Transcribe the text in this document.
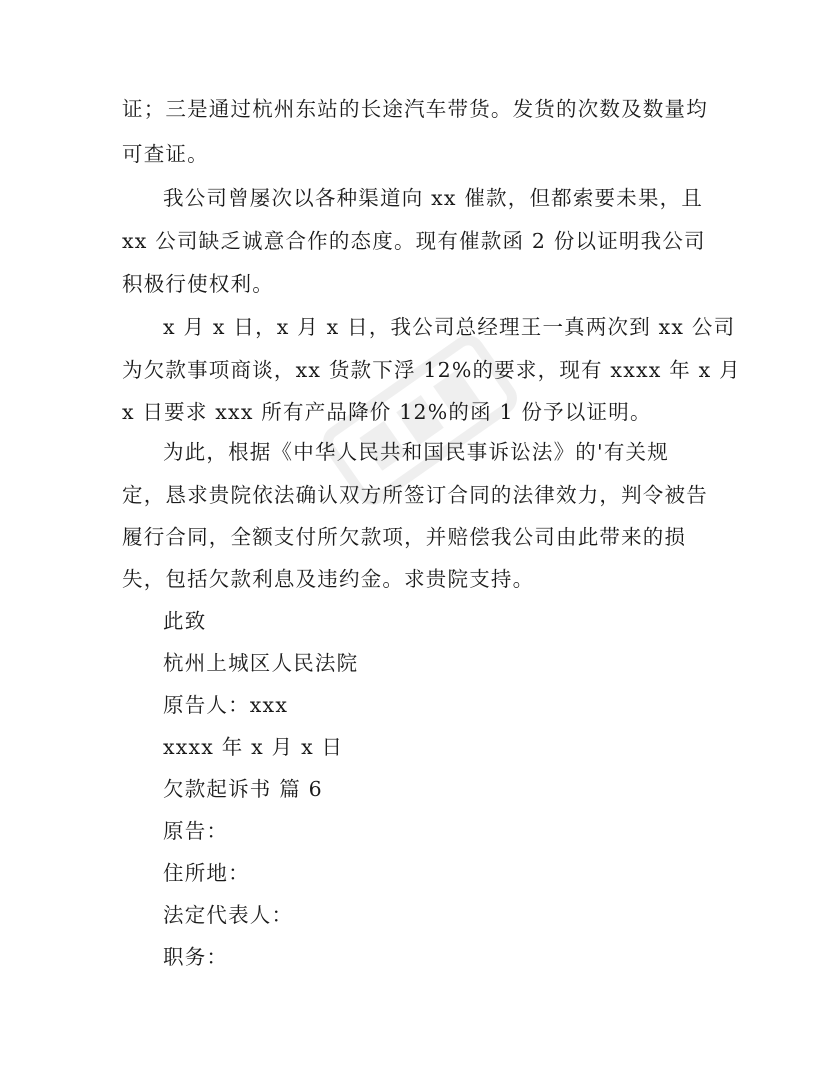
证；三是通过杭州东站的长途汽车带货。发货的次数及数量均
可查证。
我公司曾屡次以各种渠道向 xx 催款，但都索要未果，且
xx 公司缺乏诚意合作的态度。现有催款函 2 份以证明我公司
积极行使权利。
x 月 x 日，x 月 x 日，我公司总经理王一真两次到 xx 公司
为欠款事项商谈，xx 货款下浮 12%的要求，现有 xxxx 年 x 月
x 日要求 xxx 所有产品降价 12%的函 1 份予以证明。
为此，根据《中华人民共和国民事诉讼法》的'有关规
定，恳求贵院依法确认双方所签订合同的法律效力，判令被告
履行合同，全额支付所欠款项，并赔偿我公司由此带来的损
失，包括欠款利息及违约金。求贵院支持。
此致
杭州上城区人民法院
原告人：xxx
xxxx 年 x 月 x 日
欠款起诉书 篇 6
原告：
住所地：
法定代表人：
职务：
